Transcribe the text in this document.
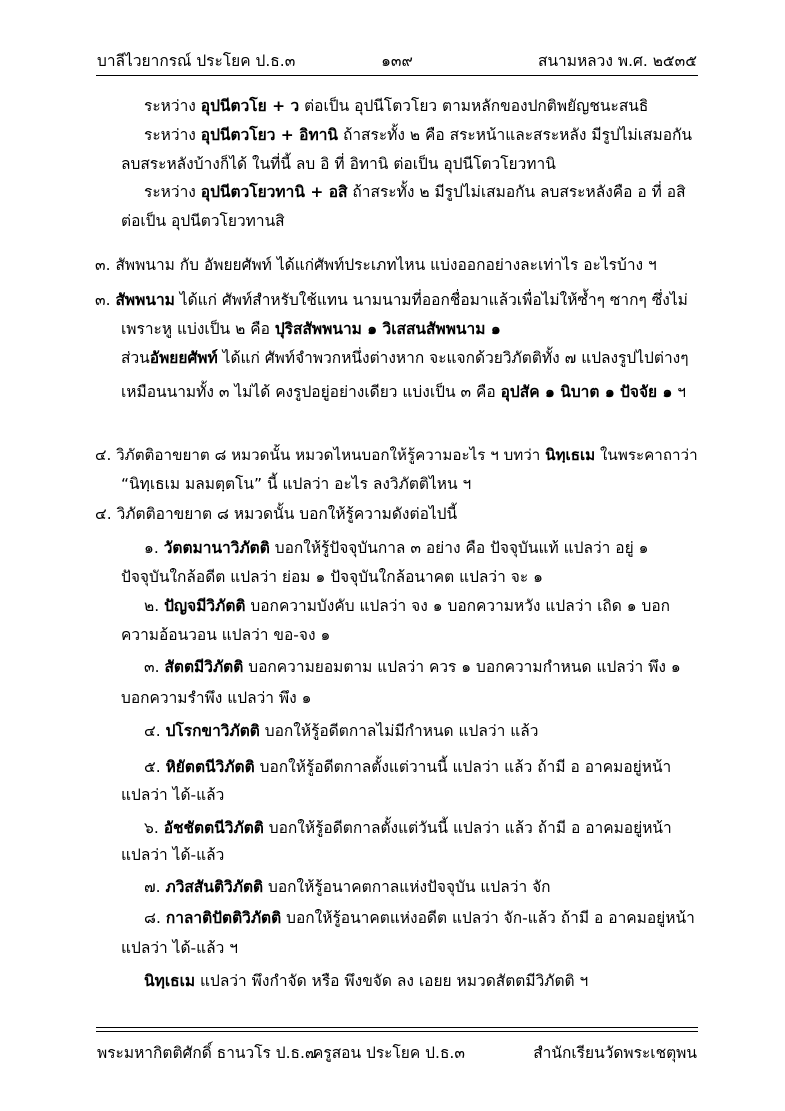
บาลีไวยากรณ์ ประโยค ป.ธ.๓	๑๓๙	สนามหลวง พ.ศ. ๒๕๓๕
ระหว่าง อุปนีตวโย + ว ต่อเป็น อุปนีโตวโยว ตามหลักของปกติพยัญชนะสนธิ
ระหว่าง อุปนีตวโยว + อิทานิ ถ้าสระทั้ง ๒ คือ สระหน้าและสระหลัง มีรูปไม่เสมอกัน
ลบสระหลังบ้างก็ได้ ในที่นี้ ลบ อิ ที่ อิทานิ ต่อเป็น อุปนีโตวโยวทานิ
ระหว่าง อุปนีตวโยวทานิ + อสิ ถ้าสระทั้ง ๒ มีรูปไม่เสมอกัน ลบสระหลังคือ อ ที่ อสิ
ต่อเป็น อุปนีตวโยวทานสิ
๓. สัพพนาม กับ อัพยยศัพท์ ได้แก่ศัพท์ประเภทไหน แบ่งออกอย่างละเท่าไร อะไรบ้าง ฯ
๓. สัพพนาม ได้แก่ ศัพท์สำหรับใช้แทน นามนามที่ออกชื่อมาแล้วเพื่อไม่ให้ซ้ำๆ ซากๆ ซึ่งไม่
เพราะหู แบ่งเป็น ๒ คือ ปุริสสัพพนาม ๑ วิเสสนสัพพนาม ๑
ส่วนอัพยยศัพท์ ได้แก่ ศัพท์จำพวกหนึ่งต่างหาก จะแจกด้วยวิภัตติทั้ง ๗ แปลงรูปไปต่างๆ
เหมือนนามทั้ง ๓ ไม่ได้ คงรูปอยู่อย่างเดียว แบ่งเป็น ๓ คือ อุปสัค ๑ นิบาต ๑ ปัจจัย ๑ ฯ
๔. วิภัตติอาขยาต ๘ หมวดนั้น หมวดไหนบอกให้รู้ความอะไร ฯ บทว่า นิทฺเธเม ในพระคาถาว่า
“นิทฺเธเม มลมตฺตโน” นี้ แปลว่า อะไร ลงวิภัตติไหน ฯ
๔. วิภัตติอาขยาต ๘ หมวดนั้น บอกให้รู้ความดังต่อไปนี้
๑. วัตตมานาวิภัตติ บอกให้รู้ปัจจุบันกาล ๓ อย่าง คือ ปัจจุบันแท้ แปลว่า อยู่ ๑
ปัจจุบันใกล้อดีต แปลว่า ย่อม ๑ ปัจจุบันใกล้อนาคต แปลว่า จะ ๑
๒. ปัญจมีวิภัตติ บอกความบังคับ แปลว่า จง ๑ บอกความหวัง แปลว่า เถิด ๑ บอก
ความอ้อนวอน แปลว่า ขอ-จง ๑
๓. สัตตมีวิภัตติ บอกความยอมตาม แปลว่า ควร ๑ บอกความกำหนด แปลว่า พึง ๑
บอกความรำพึง แปลว่า พึง ๑
๔. ปโรกขาวิภัตติ บอกให้รู้อดีตกาลไม่มีกำหนด แปลว่า แล้ว
๕. หิยัตตนีวิภัตติ บอกให้รู้อดีตกาลตั้งแต่วานนี้ แปลว่า แล้ว ถ้ามี อ อาคมอยู่หน้า
แปลว่า ได้-แล้ว
๖. อัชชัตตนีวิภัตติ บอกให้รู้อดีตกาลตั้งแต่วันนี้ แปลว่า แล้ว ถ้ามี อ อาคมอยู่หน้า
แปลว่า ได้-แล้ว
๗. ภวิสสันติวิภัตติ บอกให้รู้อนาคตกาลแห่งปัจจุบัน แปลว่า จัก
๘. กาลาติปัตติวิภัตติ บอกให้รู้อนาคตแห่งอดีต แปลว่า จัก-แล้ว ถ้ามี อ อาคมอยู่หน้า
แปลว่า ได้-แล้ว ฯ
นิทฺเธเม แปลว่า พึงกำจัด หรือ พึงขจัด ลง เอยย หมวดสัตตมีวิภัตติ ฯ
พระมหากิตติศักดิ์ ธานวโร ป.ธ.๗
ครูสอน ประโยค ป.ธ.๓	สำนักเรียนวัดพระเชตุพน
